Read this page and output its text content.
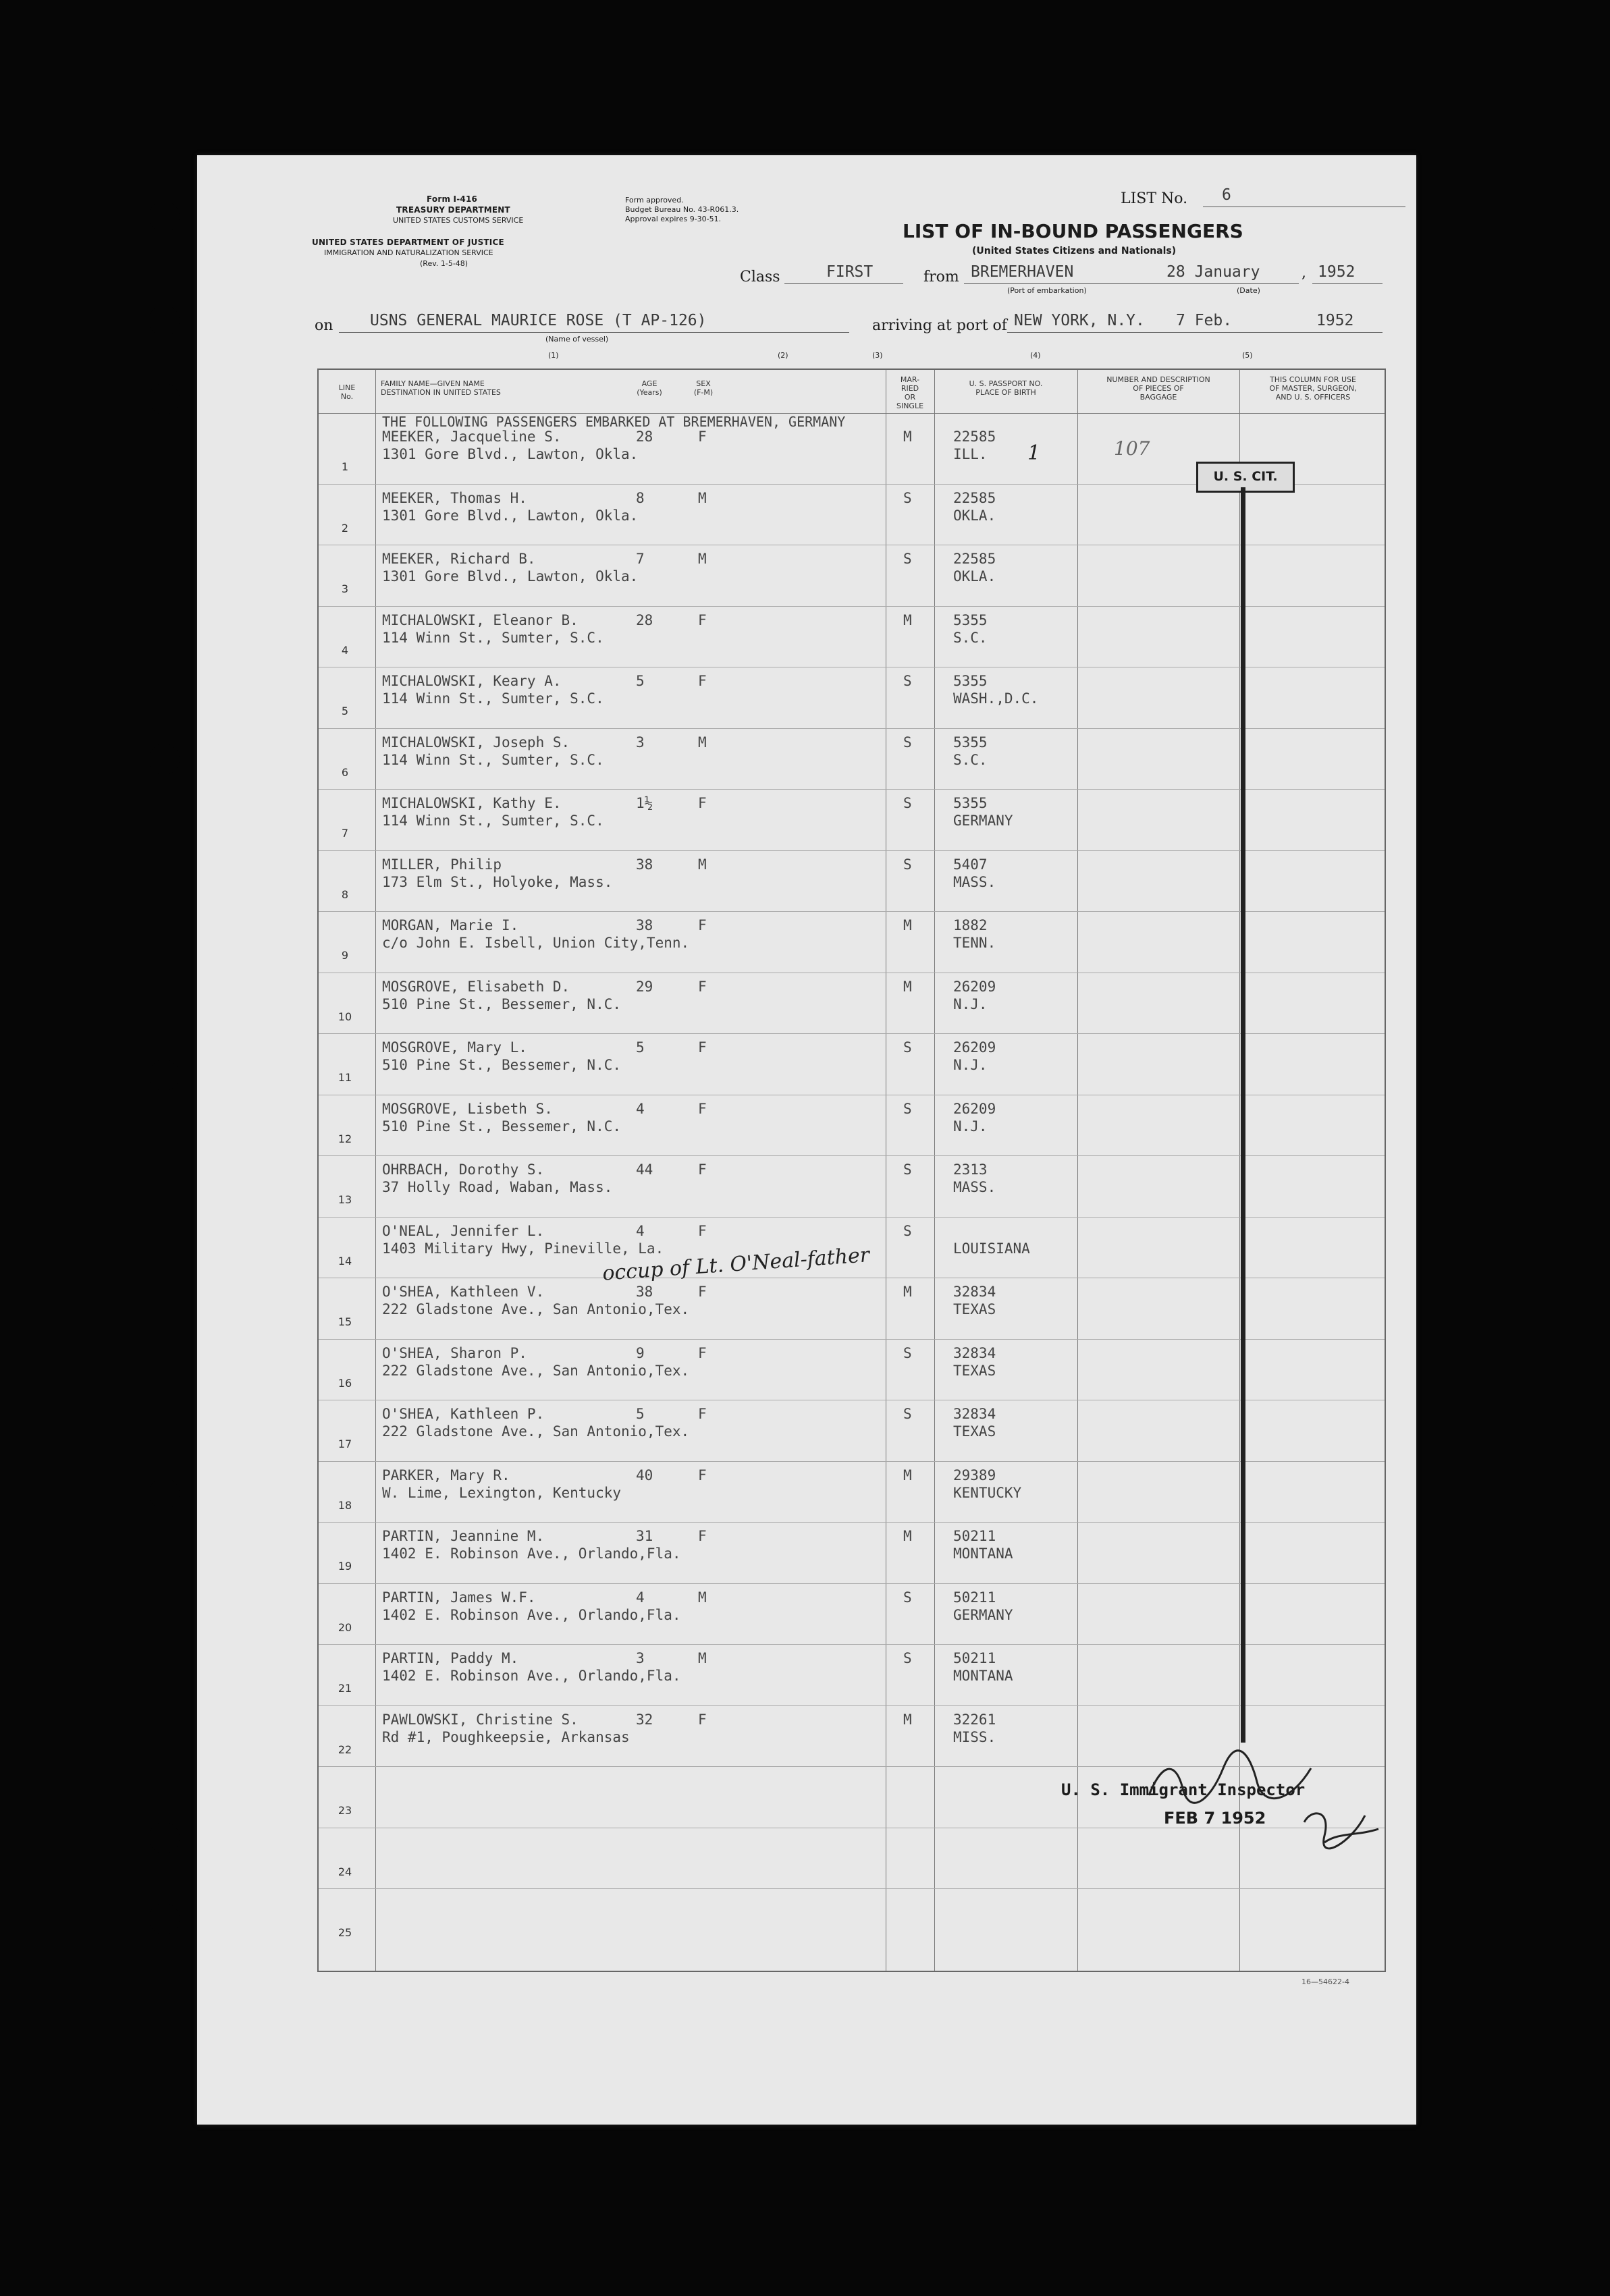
Form I-416
TREASURY DEPARTMENT
UNITED STATES CUSTOMS SERVICE
UNITED STATES DEPARTMENT OF JUSTICE
IMMIGRATION AND NATURALIZATION SERVICE
(Rev. 1-5-48)
Form approved.
Budget Bureau No. 43-R061.3.
Approval expires 9-30-51.
LIST No. 6
LIST OF IN-BOUND PASSENGERS
(United States Citizens and Nationals)
Class	FIRST	from BREMERHAVEN
(Port of embarkation)
28 January	, 1952
(Date)
on USNS GENERAL MAURICE ROSE (T AP-126)
(Name of vessel)
arriving at port of NEW YORK, N.Y. 7 Feb.	1952
(1)	(2)	(3)	(4)	(5)
LINE
No.
FAMILY NAME—GIVEN NAME
DESTINATION IN UNITED STATES
AGE
(Years)
SEX
(F-M)
MAR-
RIED
OR
SINGLE
U. S. PASSPORT NO.
PLACE OF BIRTH
NUMBER AND DESCRIPTION
OF PIECES OF
BAGGAGE
THIS COLUMN FOR USE
OF MASTER, SURGEON,
AND U. S. OFFICERS
THE FOLLOWING PASSENGERS EMBARKED AT BREMERHAVEN, GERMANY
1
MEEKER, Jacqueline S.
1301 Gore Blvd., Lawton, Okla.
28	F	M	22585
ILL.
2
MEEKER, Thomas H.
1301 Gore Blvd., Lawton, Okla.
8	M	S	22585
OKLA.
3
MEEKER, Richard B.
1301 Gore Blvd., Lawton, Okla.
7	M	S	22585
OKLA.
4
MICHALOWSKI, Eleanor B.
114 Winn St., Sumter, S.C.
28	F	M	5355
S.C.
5
MICHALOWSKI, Keary A.
114 Winn St., Sumter, S.C.
5	F	S	5355
WASH.,D.C.
6
MICHALOWSKI, Joseph S.
114 Winn St., Sumter, S.C.
3	M	S	5355
S.C.
7
MICHALOWSKI, Kathy E.
114 Winn St., Sumter, S.C.
1½	F	S	5355
GERMANY
8
MILLER, Philip
173 Elm St., Holyoke, Mass.
38	M	S	5407
MASS.
9
MORGAN, Marie I.
c/o John E. Isbell, Union City,Tenn.
38	F	M	1882
TENN.
10
MOSGROVE, Elisabeth D.
510 Pine St., Bessemer, N.C.
29	F	M	26209
N.J.
11
MOSGROVE, Mary L.
510 Pine St., Bessemer, N.C.
5	F	S	26209
N.J.
12
MOSGROVE, Lisbeth S.
510 Pine St., Bessemer, N.C.
4	F	S	26209
N.J.
13
OHRBACH, Dorothy S.
37 Holly Road, Waban, Mass.
44	F	S	2313
MASS.
14
O'NEAL, Jennifer L.
1403 Military Hwy, Pineville, La.
4	F	S
LOUISIANA
15
O'SHEA, Kathleen V.
222 Gladstone Ave., San Antonio,Tex.
38	F	M	32834
TEXAS
16
O'SHEA, Sharon P.
222 Gladstone Ave., San Antonio,Tex.
9	F	S	32834
TEXAS
17
O'SHEA, Kathleen P.
222 Gladstone Ave., San Antonio,Tex.
5	F	S	32834
TEXAS
18
PARKER, Mary R.
W. Lime, Lexington, Kentucky
40	F	M	29389
KENTUCKY
19
PARTIN, Jeannine M.
1402 E. Robinson Ave., Orlando,Fla.
31	F	M	50211
MONTANA
20
PARTIN, James W.F.
1402 E. Robinson Ave., Orlando,Fla.
4	M	S	50211
GERMANY
21
PARTIN, Paddy M.
1402 E. Robinson Ave., Orlando,Fla.
3	M	S	50211
MONTANA
22
PAWLOWSKI, Christine S.
Rd #1, Poughkeepsie, Arkansas
32	F	M	32261
MISS.
23
24
25
1	107
U. S. CIT.
occup of Lt. O'Neal-father
U. S. Immigrant Inspector
FEB 7 1952
16—54622-4
